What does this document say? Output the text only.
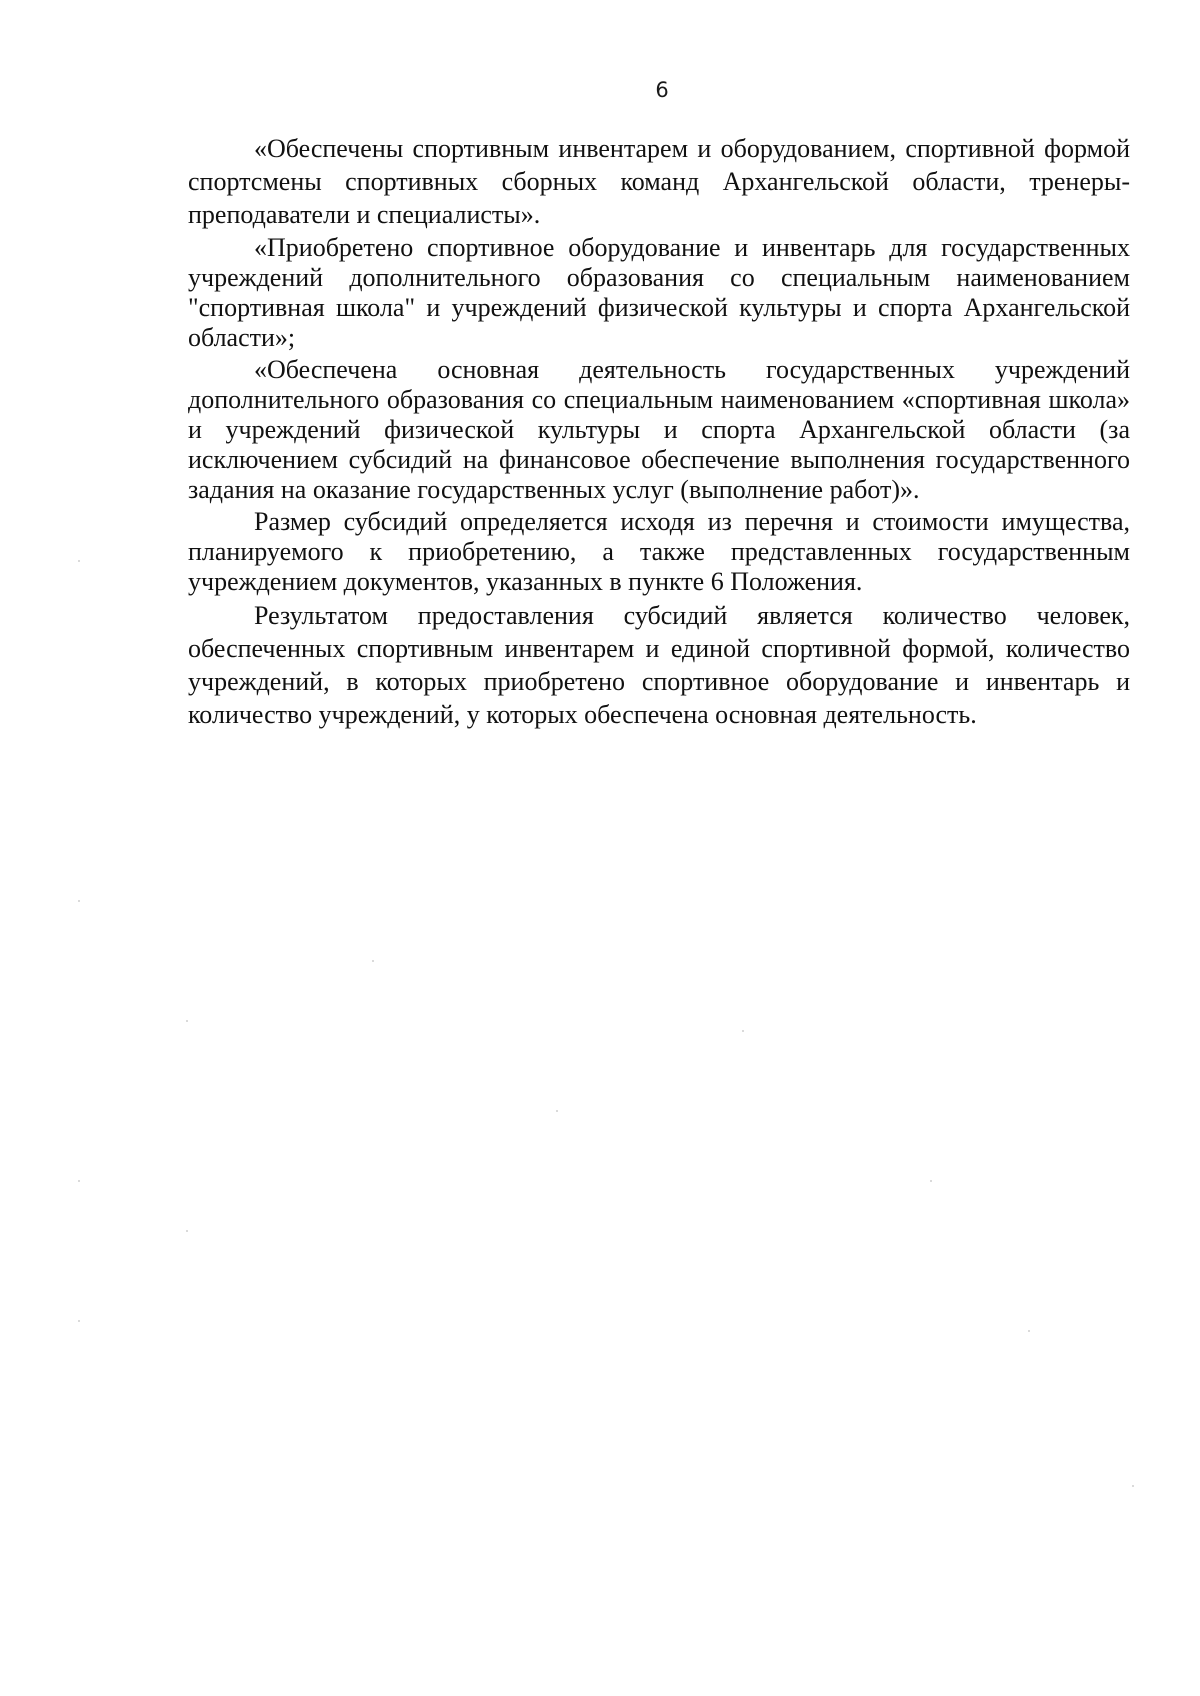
6

«Обеспечены спортивным инвентарем и оборудованием, спортивной формой спортсмены спортивных сборных команд Архангельской области, тренеры-преподаватели и специалисты».

«Приобретено спортивное оборудование и инвентарь для государственных учреждений дополнительного образования со специальным наименованием "спортивная школа" и учреждений физической культуры и спорта Архангельской области»;

«Обеспечена основная деятельность государственных учреждений дополнительного образования со специальным наименованием «спортивная школа» и учреждений физической культуры и спорта Архангельской области (за исключением субсидий на финансовое обеспечение выполнения государственного задания на оказание государственных услуг (выполнение работ)».

Размер субсидий определяется исходя из перечня и стоимости имущества, планируемого к приобретению, а также представленных государственным учреждением документов, указанных в пункте 6 Положения.

Результатом предоставления субсидий является количество человек, обеспеченных спортивным инвентарем и единой спортивной формой, количество учреждений, в которых приобретено спортивное оборудование и инвентарь и количество учреждений, у которых обеспечена основная деятельность.
